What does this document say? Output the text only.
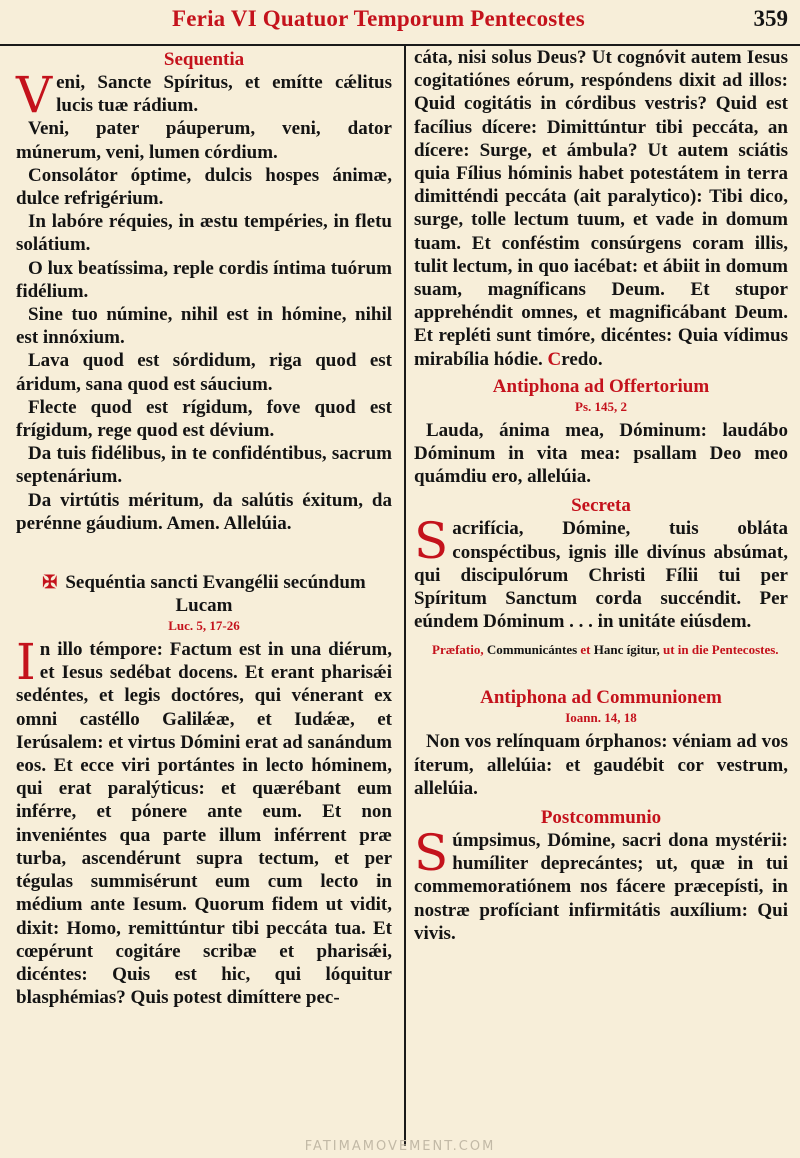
Feria VI Quatuor Temporum Pentecostes	359

Sequentia

Veni, Sancte Spíritus, et emítte cǽlitus lucis tuæ rádium.

Veni, pater páuperum, veni, dator múnerum, veni, lumen córdium.

Consolátor óptime, dulcis hospes ánimæ, dulce refrigérium.

In labóre réquies, in æstu tempéries, in fletu solátium.

O lux beatíssima, reple cordis íntima tuórum fidélium.

Sine tuo númine, nihil est in hómine, nihil est innóxium.

Lava quod est sórdidum, riga quod est áridum, sana quod est sáucium.

Flecte quod est rígidum, fove quod est frígidum, rege quod est dévium.

Da tuis fidélibus, in te confidéntibus, sacrum septenárium.

Da virtútis méritum, da salútis éxitum, da perénne gáudium. Amen. Allelúia.

✠ Sequéntia sancti Evangélii secúndum Lucam

Luc. 5, 17-26

In illo témpore: Factum est in una diérum, et Iesus sedébat docens. Et erant pharisǽi sedéntes, et legis doctóres, qui vénerant ex omni castéllo Galilǽæ, et Iudǽæ, et Ierúsalem: et virtus Dómini erat ad sanándum eos. Et ecce viri portántes in lecto hóminem, qui erat paralýticus: et quærébant eum inférre, et pónere ante eum. Et non inveniéntes qua parte illum inférrent præ turba, ascendérunt supra tectum, et per tégulas summisérunt eum cum lecto in médium ante Iesum. Quorum fidem ut vidit, dixit: Homo, remittúntur tibi peccáta tua. Et cœpérunt cogitáre scribæ et pharisǽi, dicéntes: Quis est hic, qui lóquitur blasphémias? Quis potest dimíttere pec-

cáta, nisi solus Deus? Ut cognóvit autem Iesus cogitatiónes eórum, respóndens dixit ad illos: Quid cogitátis in córdibus vestris? Quid est facílius dícere: Dimittúntur tibi peccáta, an dícere: Surge, et ámbula? Ut autem sciátis quia Fílius hóminis habet potestátem in terra dimitténdi peccáta (ait paralytico): Tibi dico, surge, tolle lectum tuum, et vade in domum tuam. Et conféstim consúrgens coram illis, tulit lectum, in quo iacébat: et ábiit in domum suam, magníficans Deum. Et stupor apprehéndit omnes, et magnificábant Deum. Et repléti sunt timóre, dicéntes: Quia vídimus mirabília hódie. Credo.

Antiphona ad Offertorium

Ps. 145, 2

Lauda, ánima mea, Dóminum: laudábo Dóminum in vita mea: psallam Deo meo quámdiu ero, allelúia.

Secreta

Sacrifícia, Dómine, tuis obláta conspéctibus, ignis ille divínus absúmat, qui discipulórum Christi Fílii tui per Spíritum Sanctum corda succéndit. Per eúndem Dóminum . . . in unitáte eiúsdem.

Præfatio, Communicántes et Hanc ígitur, ut in die Pentecostes.

Antiphona ad Communionem

Ioann. 14, 18

Non vos relínquam órphanos: véniam ad vos íterum, allelúia: et gaudébit cor vestrum, allelúia.

Postcommunio

Súmpsimus, Dómine, sacri dona mystérii: humíliter deprecántes; ut, quæ in tui commemoratiónem nos fácere præcepísti, in nostræ profíciant infirmitátis auxílium: Qui vivis.

FATIMAMOVEMENT.COM
